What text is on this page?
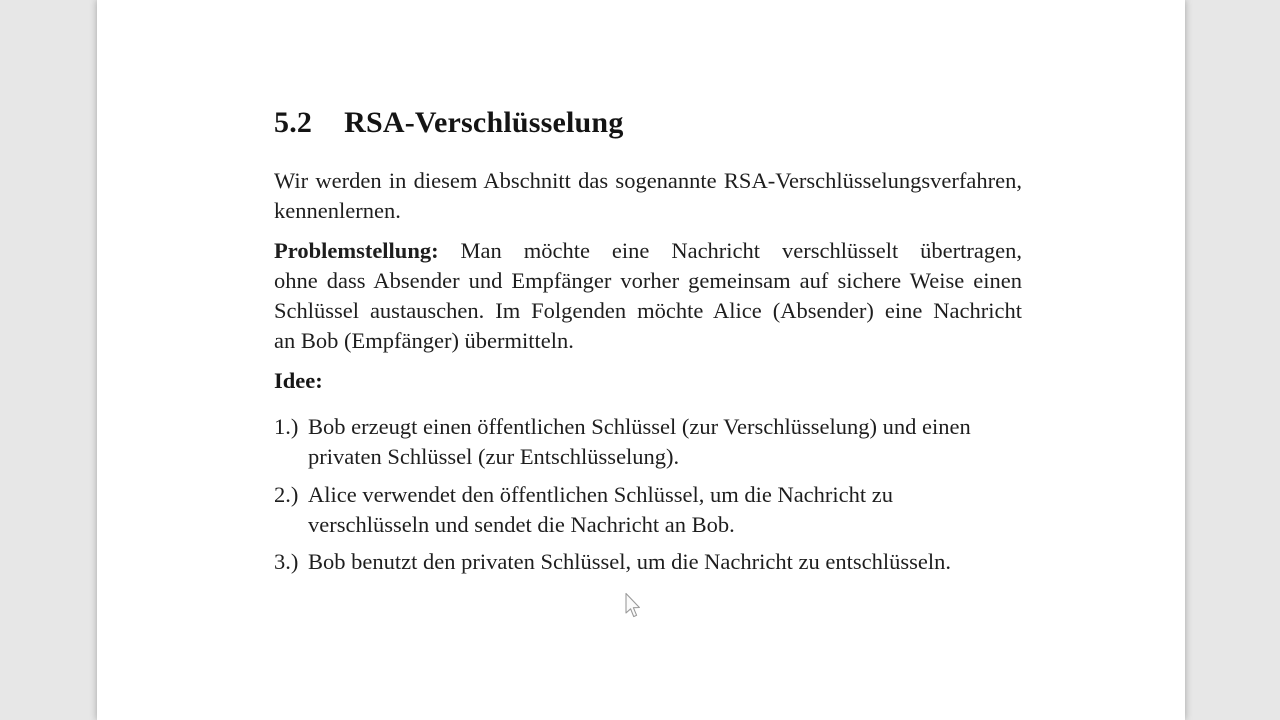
5.2 RSA-Verschlüsselung
Wir werden in diesem Abschnitt das sogenannte RSA-Verschlüsselungsverfahren,
kennenlernen.
Problemstellung: Man möchte eine Nachricht verschlüsselt übertragen,
ohne dass Absender und Empfänger vorher gemeinsam auf sichere Weise einen
Schlüssel austauschen. Im Folgenden möchte Alice (Absender) eine Nachricht
an Bob (Empfänger) übermitteln.
Idee:
1.) Bob erzeugt einen öffentlichen Schlüssel (zur Verschlüsselung) und einen
privaten Schlüssel (zur Entschlüsselung).
2.) Alice verwendet den öffentlichen Schlüssel, um die Nachricht zu
verschlüsseln und sendet die Nachricht an Bob.
3.) Bob benutzt den privaten Schlüssel, um die Nachricht zu entschlüsseln.
